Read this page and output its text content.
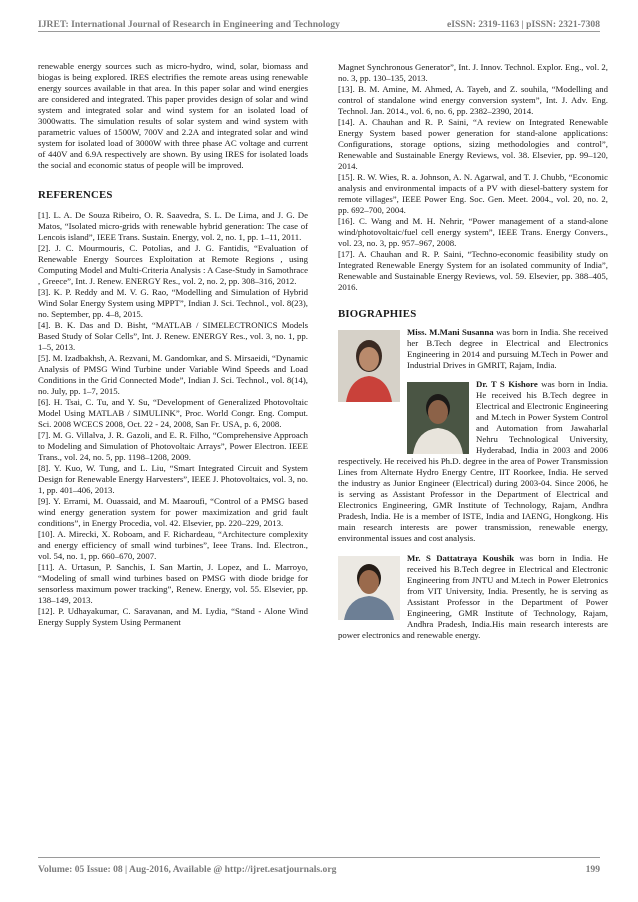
IJRET: International Journal of Research in Engineering and Technology	eISSN: 2319-1163 | pISSN: 2321-7308

renewable energy sources such as micro-hydro, wind, solar, biomass and biogas is being explored. IRES electrifies the remote areas using renewable energy sources available in that area. In this paper solar and wind energies are considered and integrated. This paper provides design of solar and wind system and integrated solar and wind system for an isolated load of 3000watts. The simulation results of solar system and wind system with parametric values of 1500W, 700V and 2.2A and integrated solar and wind system for isolated load of 3000W with three phase AC voltage and current of 440V and 6.9A respectively are shown. By using IRES for isolated loads the social and economic status of people will be improved.

REFERENCES

[1]. L. A. De Souza Ribeiro, O. R. Saavedra, S. L. De Lima, and J. G. De Matos, “Isolated micro-grids with renewable hybrid generation: The case of Lencois island”, IEEE Trans. Sustain. Energy, vol. 2, no. 1, pp. 1–11, 2011.

[2]. J. C. Mourmouris, C. Potolias, and J. G. Fantidis, “Evaluation of Renewable Energy Sources Exploitation at Remote Regions , using Computing Model and Multi-Criteria Analysis : A Case-Study in Samothrace , Greece”, Int. J. Renew. ENERGY Res., vol. 2, no. 2, pp. 308–316, 2012.

[3]. K. P. Reddy and M. V. G. Rao, “Modelling and Simulation of Hybrid Wind Solar Energy System using MPPT”, Indian J. Sci. Technol., vol. 8(23), no. September, pp. 4–8, 2015.

[4]. B. K. Das and D. Bisht, “MATLAB / SIMELECTRONICS Models Based Study of Solar Cells”, Int. J. Renew. ENERGY Res., vol. 3, no. 1, pp. 1–5, 2013.

[5]. M. Izadbakhsh, A. Rezvani, M. Gandomkar, and S. Mirsaeidi, “Dynamic Analysis of PMSG Wind Turbine under Variable Wind Speeds and Load Conditions in the Grid Connected Mode”, Indian J. Sci. Technol., vol. 8(14), no. July, pp. 1–7, 2015.

[6]. H. Tsai, C. Tu, and Y. Su, “Development of Generalized Photovoltaic Model Using MATLAB / SIMULINK”, Proc. World Congr. Eng. Comput. Sci. 2008 WCECS 2008, Oct. 22 - 24, 2008, San Fr. USA, p. 6, 2008.

[7]. M. G. Villalva, J. R. Gazoli, and E. R. Filho, “Comprehensive Approach to Modeling and Simulation of Photovoltaic Arrays”, Power Electron. IEEE Trans., vol. 24, no. 5, pp. 1198–1208, 2009.

[8]. Y. Kuo, W. Tung, and L. Liu, “Smart Integrated Circuit and System Design for Renewable Energy Harvesters”, IEEE J. Photovoltaics, vol. 3, no. 1, pp. 401–406, 2013.

[9]. Y. Errami, M. Ouassaid, and M. Maaroufi, “Control of a PMSG based wind energy generation system for power maximization and grid fault conditions”, in Energy Procedia, vol. 42. Elsevier, pp. 220–229, 2013.

[10]. A. Mirecki, X. Roboam, and F. Richardeau, “Architecture complexity and energy efficiency of small wind turbines”, Ieee Trans. Ind. Electron., vol. 54, no. 1, pp. 660–670, 2007.

[11]. A. Urtasun, P. Sanchis, I. San Martin, J. Lopez, and L. Marroyo, “Modeling of small wind turbines based on PMSG with diode bridge for sensorless maximum power tracking”, Renew. Energy, vol. 55. Elsevier, pp. 138–149, 2013.

[12]. P. Udhayakumar, C. Saravanan, and M. Lydia, “Stand - Alone Wind Energy Supply System Using Permanent

Magnet Synchronous Generator”, Int. J. Innov. Technol. Explor. Eng., vol. 2, no. 3, pp. 130–135, 2013.

[13]. B. M. Amine, M. Ahmed, A. Tayeb, and Z. souhila, “Modelling and control of standalone wind energy conversion system”, Int. J. Adv. Eng. Technol. Jan. 2014., vol. 6, no. 6, pp. 2382–2390, 2014.

[14]. A. Chauhan and R. P. Saini, “A review on Integrated Renewable Energy System based power generation for stand-alone applications: Configurations, storage options, sizing methodologies and control”, Renewable and Sustainable Energy Reviews, vol. 38. Elsevier, pp. 99–120, 2014.

[15]. R. W. Wies, R. a. Johnson, A. N. Agarwal, and T. J. Chubb, “Economic analysis and environmental impacts of a PV with diesel-battery system for remote villages”, IEEE Power Eng. Soc. Gen. Meet. 2004., vol. 20, no. 2, pp. 692–700, 2004.

[16]. C. Wang and M. H. Nehrir, “Power management of a stand-alone wind/photovoltaic/fuel cell energy system”, IEEE Trans. Energy Convers., vol. 23, no. 3, pp. 957–967, 2008.

[17]. A. Chauhan and R. P. Saini, “Techno-economic feasibility study on Integrated Renewable Energy System for an isolated community of India”, Renewable and Sustainable Energy Reviews, vol. 59. Elsevier, pp. 388–405, 2016.

BIOGRAPHIES

Miss. M.Mani Susanna was born in India. She received her B.Tech degree in Electrical and Electronics Engineering in 2014 and pursuing M.Tech in Power and Industrial Drives in GMRIT, Rajam, India.

Dr. T S Kishore was born in India. He received his B.Tech degree in Electrical and Electronic Engineering and M.tech in Power System Control and Automation from Jawaharlal Nehru Technological University, Hyderabad, India in 2003 and 2006 respectively. He received his Ph.D. degree in the area of Power Transmission Lines from Alternate Hydro Energy Centre, IIT Roorkee, India. He served the industry as Junior Engineer (Electrical) during 2003-04. Since 2006, he is serving as Assistant Professor in the Department of Electrical and Electronics Engineering, GMR Institute of Technology, Rajam, Andhra Pradesh, India. He is a member of ISTE, India and IAENG, Hongkong. His main research interests are power transmission, renewable energy, environmental issues and cost analysis.

Mr. S Dattatraya Koushik was born in India. He received his B.Tech degree in Electrical and Electronic Engineering from JNTU and M.tech in Power Eletronics from VIT University, India. Presently, he is serving as Assistant Professor in the Department of Power Engineering, GMR Institute of Technology, Rajam, Andhra Pradesh, India.His main research interests are power electronics and renewable energy.

Volume: 05 Issue: 08 | Aug-2016, Available @ http://ijret.esatjournals.org	199
